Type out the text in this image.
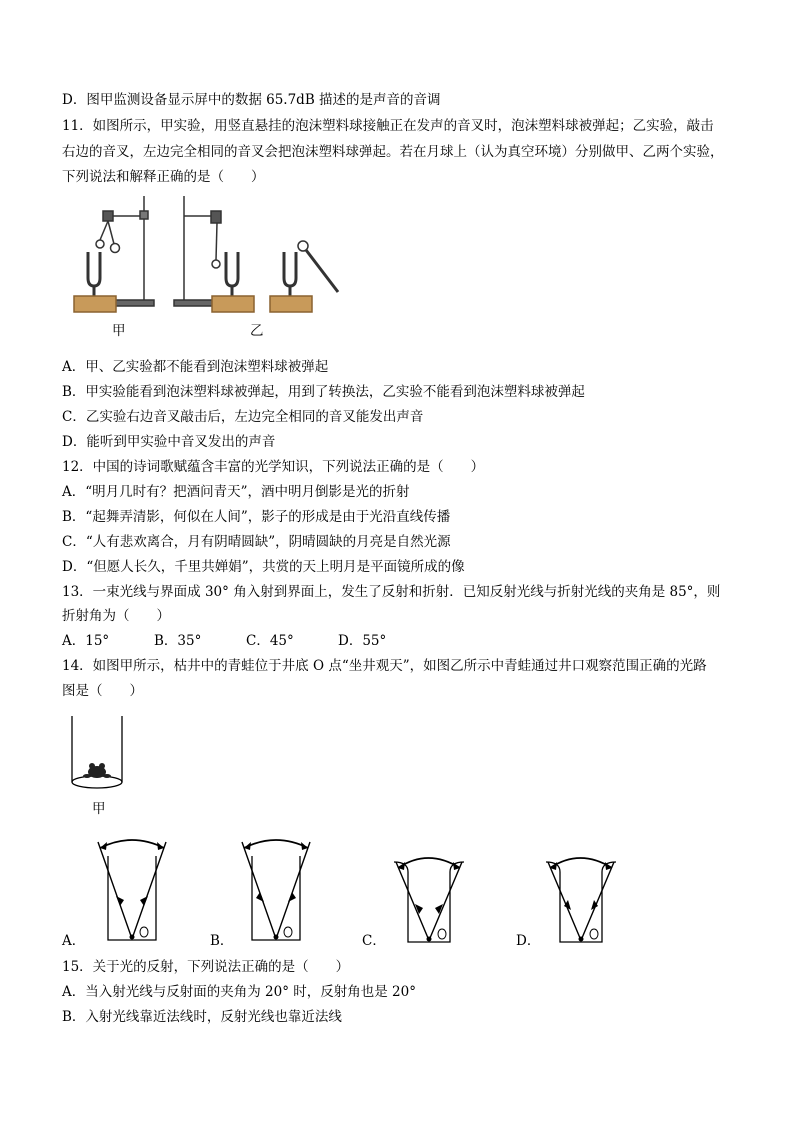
D．图甲监测设备显示屏中的数据 65.7dB 描述的是声音的音调
11．如图所示，甲实验，用竖直悬挂的泡沫塑料球接触正在发声的音叉时，泡沫塑料球被弹起；乙实验，敲击
右边的音叉，左边完全相同的音叉会把泡沫塑料球弹起。若在月球上（认为真空环境）分别做甲、乙两个实验，
下列说法和解释正确的是（　　）
甲	乙
A．甲、乙实验都不能看到泡沫塑料球被弹起
B．甲实验能看到泡沫塑料球被弹起，用到了转换法，乙实验不能看到泡沫塑料球被弹起
C．乙实验右边音叉敲击后，左边完全相同的音叉能发出声音
D．能听到甲实验中音叉发出的声音
12．中国的诗词歌赋蕴含丰富的光学知识，下列说法正确的是（　　）
A．“明月几时有？把酒问青天”，酒中明月倒影是光的折射
B．“起舞弄清影，何似在人间”，影子的形成是由于光沿直线传播
C．“人有悲欢离合，月有阴晴圆缺”，阴晴圆缺的月亮是自然光源
D．“但愿人长久，千里共婵娟”，共赏的天上明月是平面镜所成的像
13．一束光线与界面成 30° 角入射到界面上，发生了反射和折射．已知反射光线与折射光线的夹角是 85°，则
折射角为（　　）
A．15°	B．35°	C．45°	D．55°
14．如图甲所示，枯井中的青蛙位于井底 O 点“坐井观天”，如图乙所示中青蛙通过井口观察范围正确的光路
图是（　　）
甲
A．	B．	C．	D．
15．关于光的反射，下列说法正确的是（　　）
A．当入射光线与反射面的夹角为 20° 时，反射角也是 20°
B．入射光线靠近法线时，反射光线也靠近法线
